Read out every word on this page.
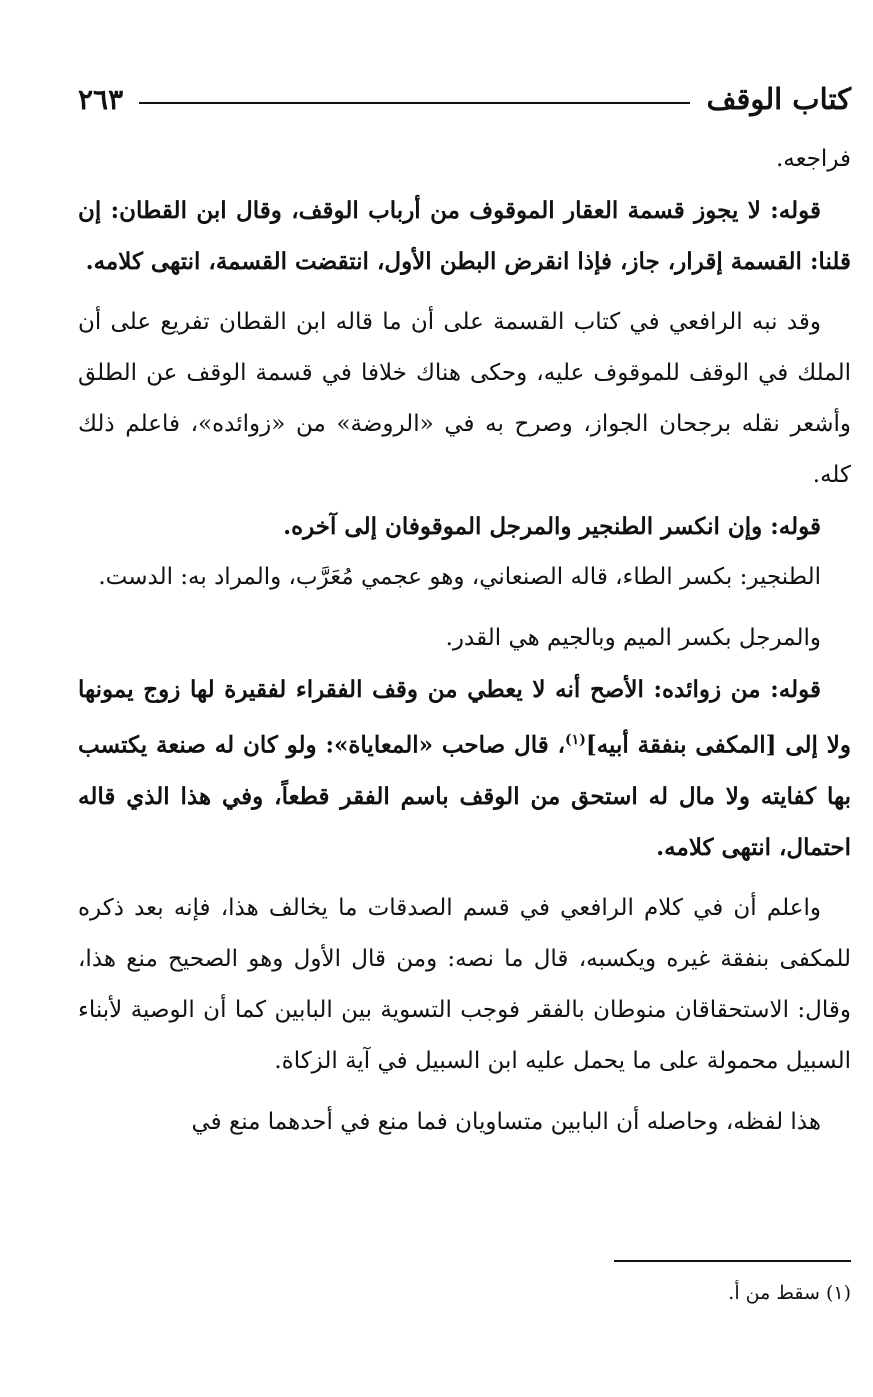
كتاب الوقف
٢٦٣

فراجعه.

قوله: لا يجوز قسمة العقار الموقوف من أرباب الوقف، وقال ابن القطان: إن قلنا: القسمة إقرار، جاز، فإذا انقرض البطن الأول، انتقضت القسمة، انتهى كلامه.

وقد نبه الرافعي في كتاب القسمة على أن ما قاله ابن القطان تفريع على أن الملك في الوقف للموقوف عليه، وحكى هناك خلافا في قسمة الوقف عن الطلق وأشعر نقله برجحان الجواز، وصرح به في «الروضة» من «زوائده»، فاعلم ذلك كله.

قوله: وإن انكسر الطنجير والمرجل الموقوفان إلى آخره.

الطنجير: بكسر الطاء، قاله الصنعاني، وهو عجمي مُعَرَّب، والمراد به: الدست.

والمرجل بكسر الميم وبالجيم هي القدر.

قوله: من زوائده: الأصح أنه لا يعطي من وقف الفقراء لفقيرة لها زوج يمونها ولا إلى [المكفى بنفقة أبيه]$^{(١)}$، قال صاحب «المعاياة»: ولو كان له صنعة يكتسب بها كفايته ولا مال له استحق من الوقف باسم الفقر قطعاً، وفي هذا الذي قاله احتمال، انتهى كلامه.

واعلم أن في كلام الرافعي في قسم الصدقات ما يخالف هذا، فإنه بعد ذكره للمكفى بنفقة غيره ويكسبه، قال ما نصه: ومن قال الأول وهو الصحيح منع هذا، وقال: الاستحقاقان منوطان بالفقر فوجب التسوية بين البابين كما أن الوصية لأبناء السبيل محمولة على ما يحمل عليه ابن السبيل في آية الزكاة.

هذا لفظه، وحاصله أن البابين متساويان فما منع في أحدهما منع في

(١) سقط من أ.
